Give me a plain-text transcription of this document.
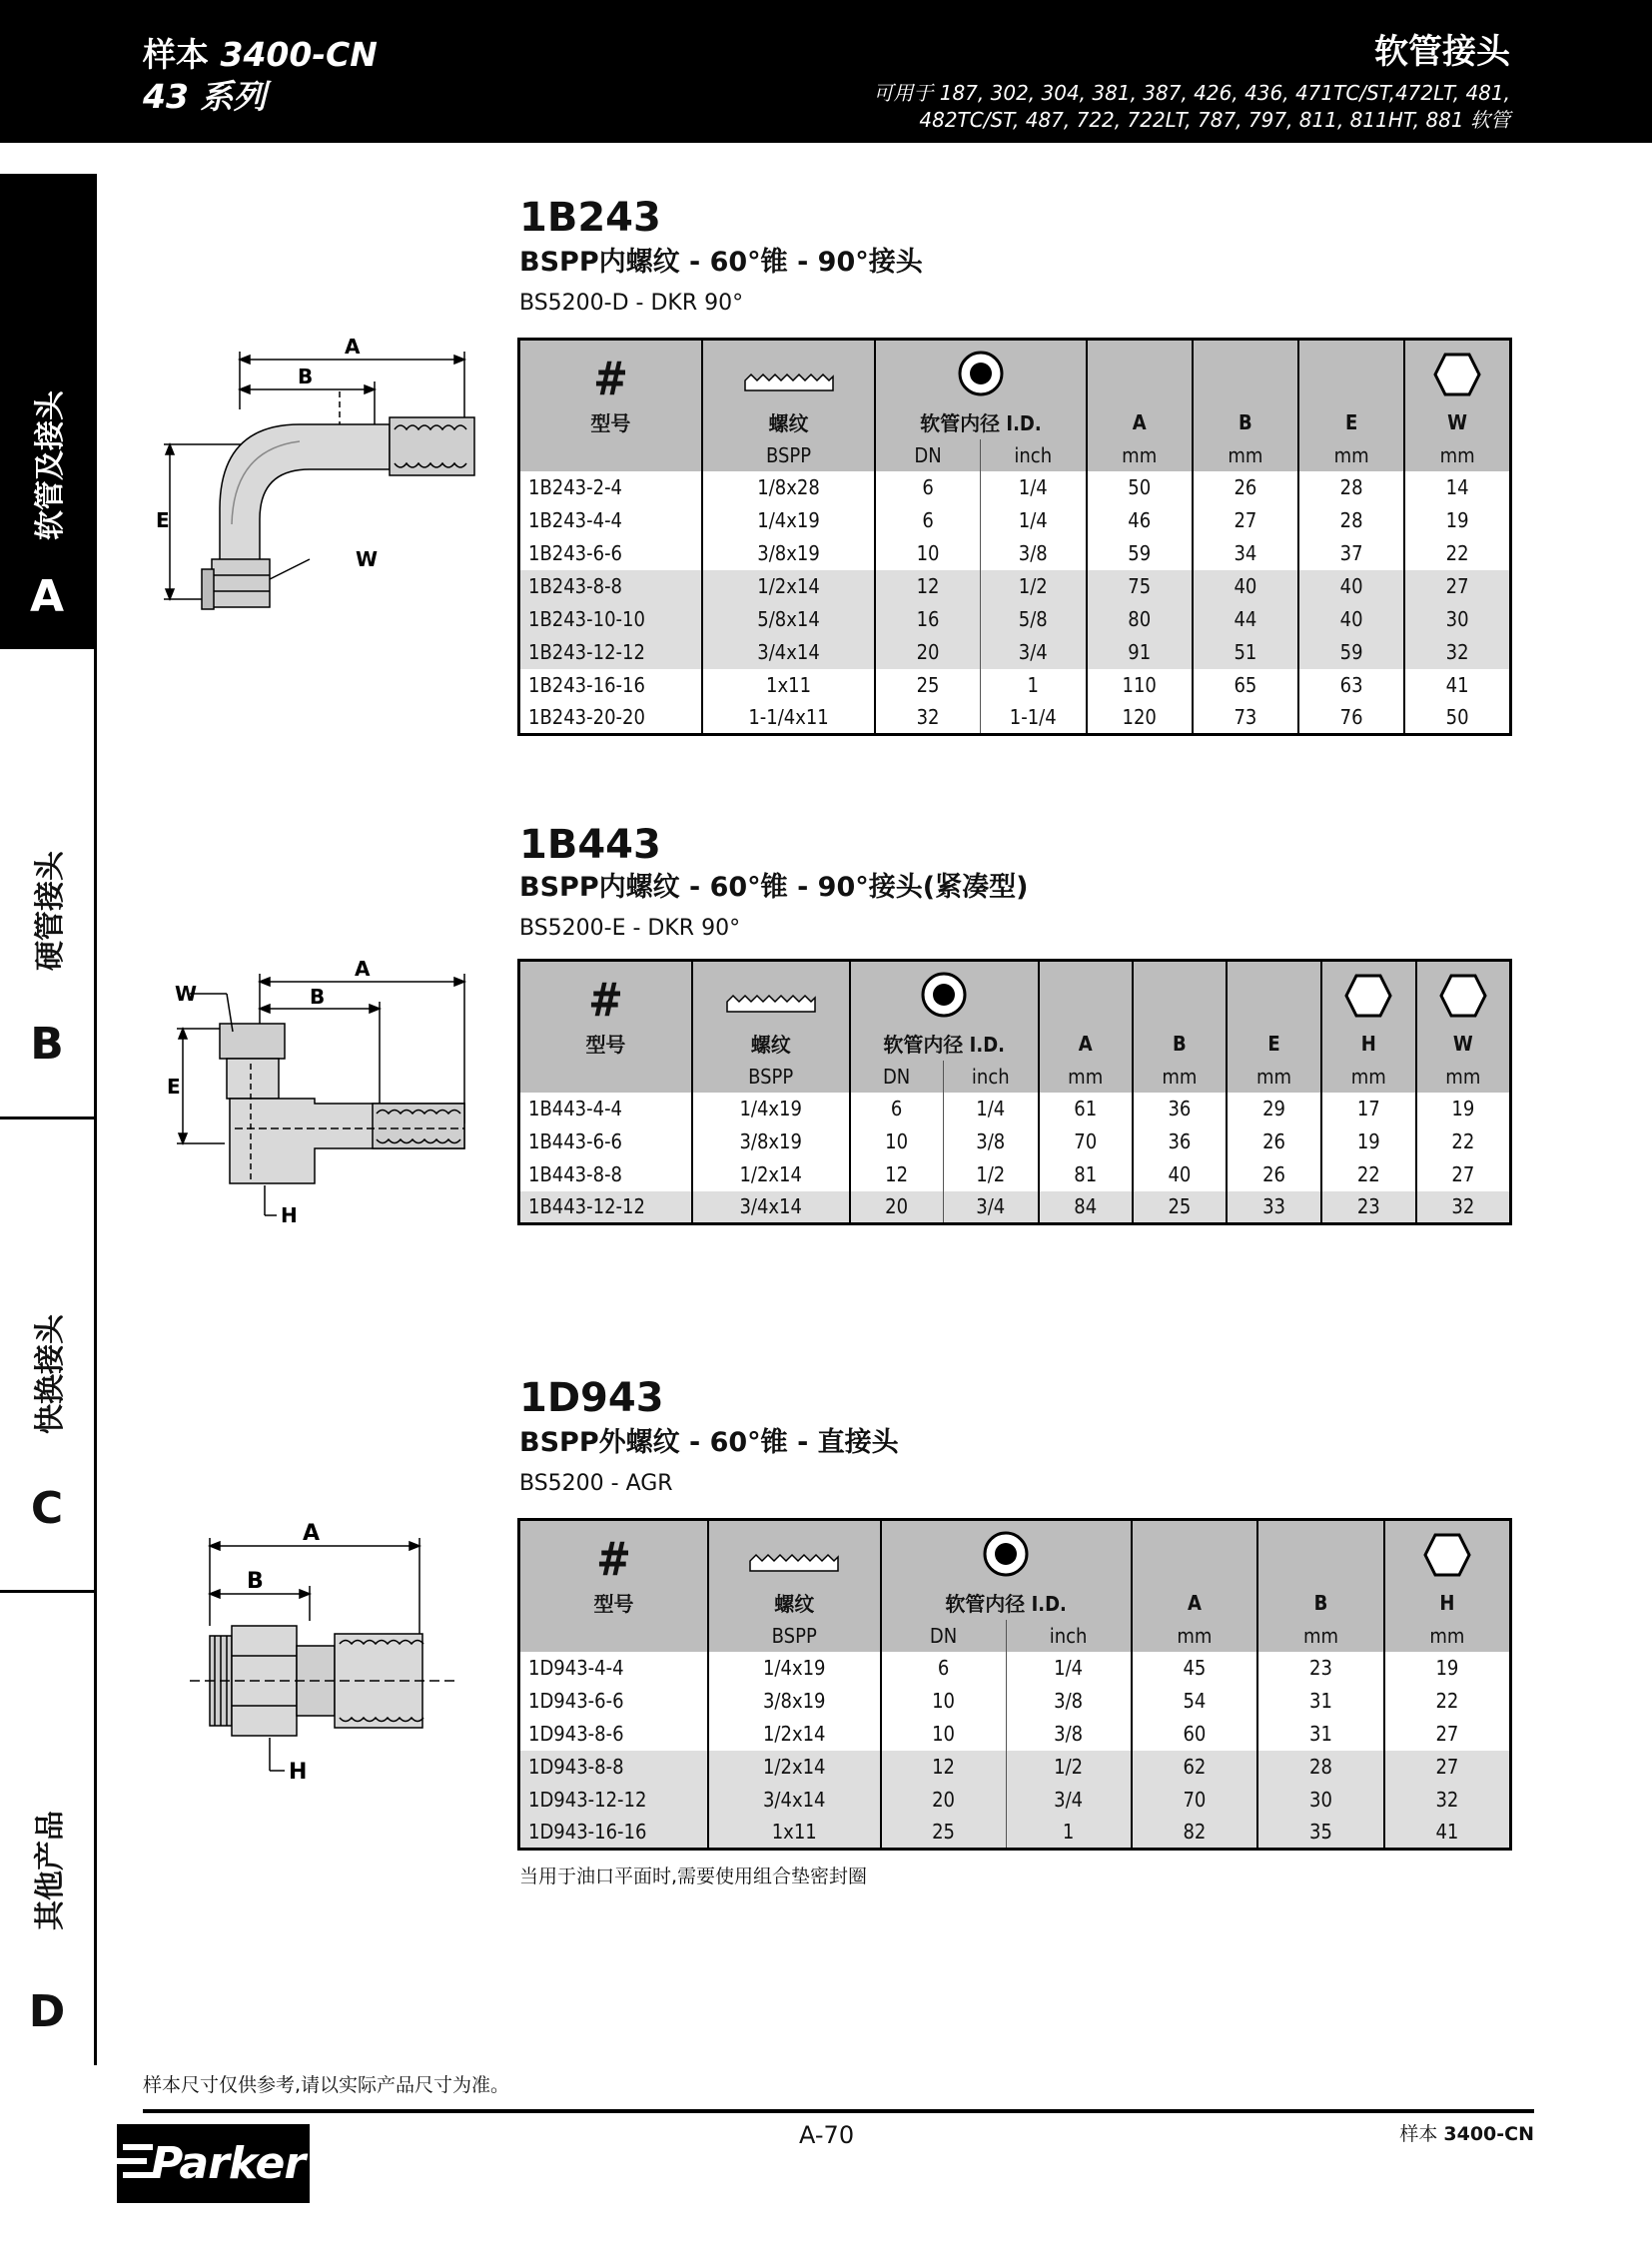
样本 3400-CN
43 系列
软管接头
可用于 187, 302, 304, 381, 387, 426, 436, 471TC/ST,472LT, 481,
482TC/ST, 487, 722, 722LT, 787, 797, 811, 811HT, 881 软管
软管及接头
A
硬管接头
B
快换接头
C
其他产品
D
1B243
BSPP内螺纹 - 60°锥 - 90°接头
BS5200-D - DKR 90°
A
B
E
W
#

型号	螺纹	软管内径 I.D.		A	B	E	W
	BSPP	DN	inch	mm	mm	mm	mm
1B243-2-4	1/8x28	6	1/4	50	26	28	14
1B243-4-4	1/4x19	6	1/4	46	27	28	19
1B243-6-6	3/8x19	10	3/8	59	34	37	22
1B243-8-8	1/2x14	12	1/2	75	40	40	27
1B243-10-10	5/8x14	16	5/8	80	44	40	30
1B243-12-12	3/4x14	20	3/4	91	51	59	32
1B243-16-16	1x11	25	1	110	65	63	41
1B243-20-20	1-1/4x11	32	1-1/4	120	73	76	50
1B443
BSPP内螺纹 - 60°锥 - 90°接头(紧凑型)
BS5200-E - DKR 90°
A
B
E
W
H
#

型号	螺纹	软管内径 I.D.		A	B	E	H	W
	BSPP	DN	inch	mm	mm	mm	mm	mm
1B443-4-4	1/4x19	6	1/4	61	36	29	17	19
1B443-6-6	3/8x19	10	3/8	70	36	26	19	22
1B443-8-8	1/2x14	12	1/2	81	40	26	22	27
1B443-12-12	3/4x14	20	3/4	84	25	33	23	32
1D943
BSPP外螺纹 - 60°锥 - 直接头
BS5200 - AGR
A
B
H
#

型号	螺纹	软管内径 I.D.		A	B	H
	BSPP	DN	inch	mm	mm	mm
1D943-4-4	1/4x19	6	1/4	45	23	19
1D943-6-6	3/8x19	10	3/8	54	31	22
1D943-8-6	1/2x14	10	3/8	60	31	27
1D943-8-8	1/2x14	12	1/2	62	28	27
1D943-12-12	3/4x14	20	3/4	70	30	32
1D943-16-16	1x11	25	1	82	35	41
当用于油口平面时,需要使用组合垫密封圈
样本尺寸仅供参考,请以实际产品尺寸为准。
Parker
A-70	样本 3400-CN
